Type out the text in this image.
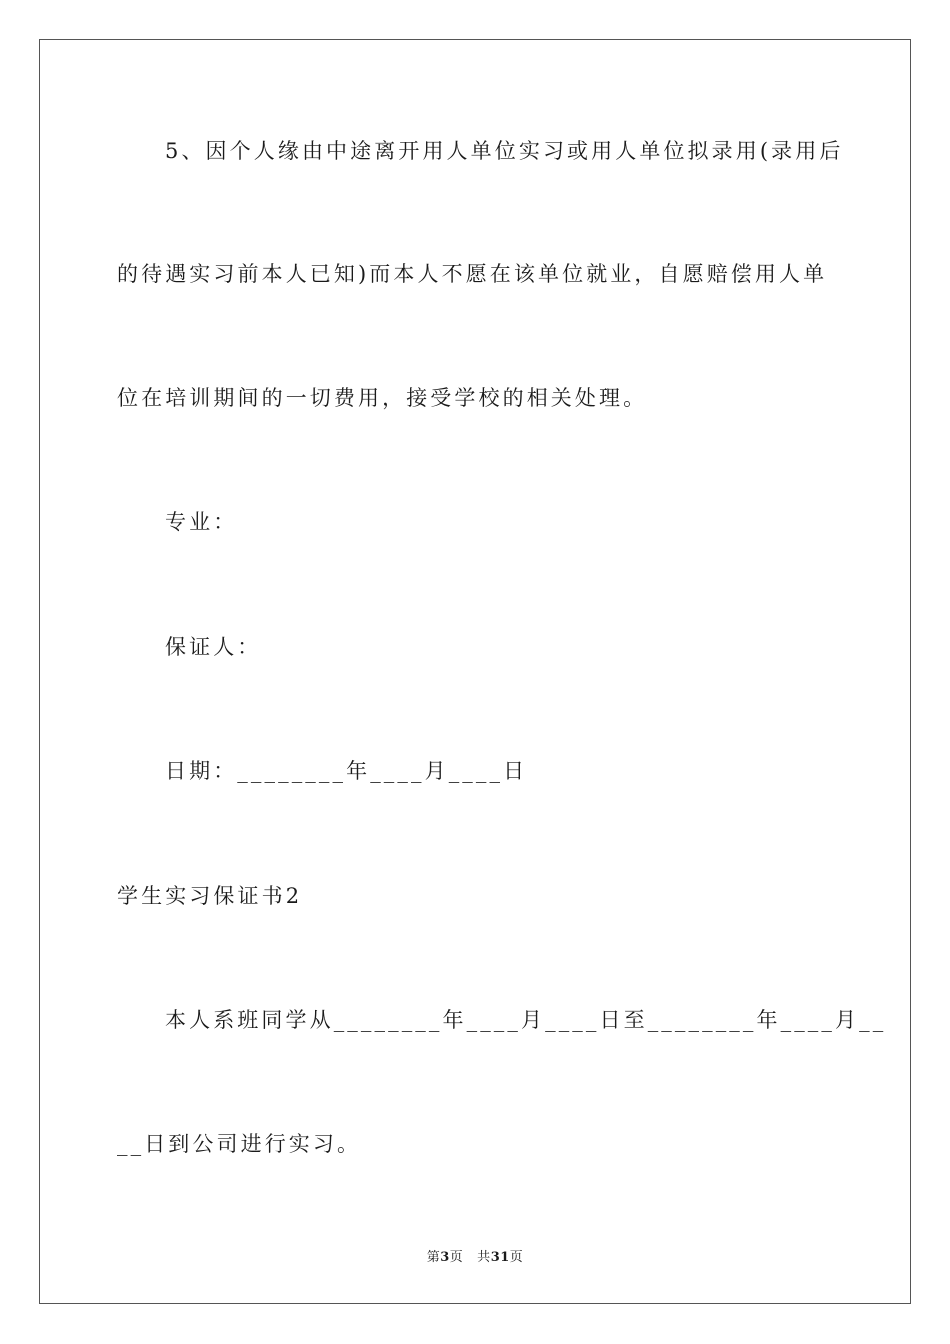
5、因个人缘由中途离开用人单位实习或用人单位拟录用(录用后
的待遇实习前本人已知)而本人不愿在该单位就业，自愿赔偿用人单
位在培训期间的一切费用，接受学校的相关处理。
专业：
保证人：
日期：________年____月____日
学生实习保证书2
本人系班同学从________年____月____日至________年____月__
__日到公司进行实习。
第3页 共31页
